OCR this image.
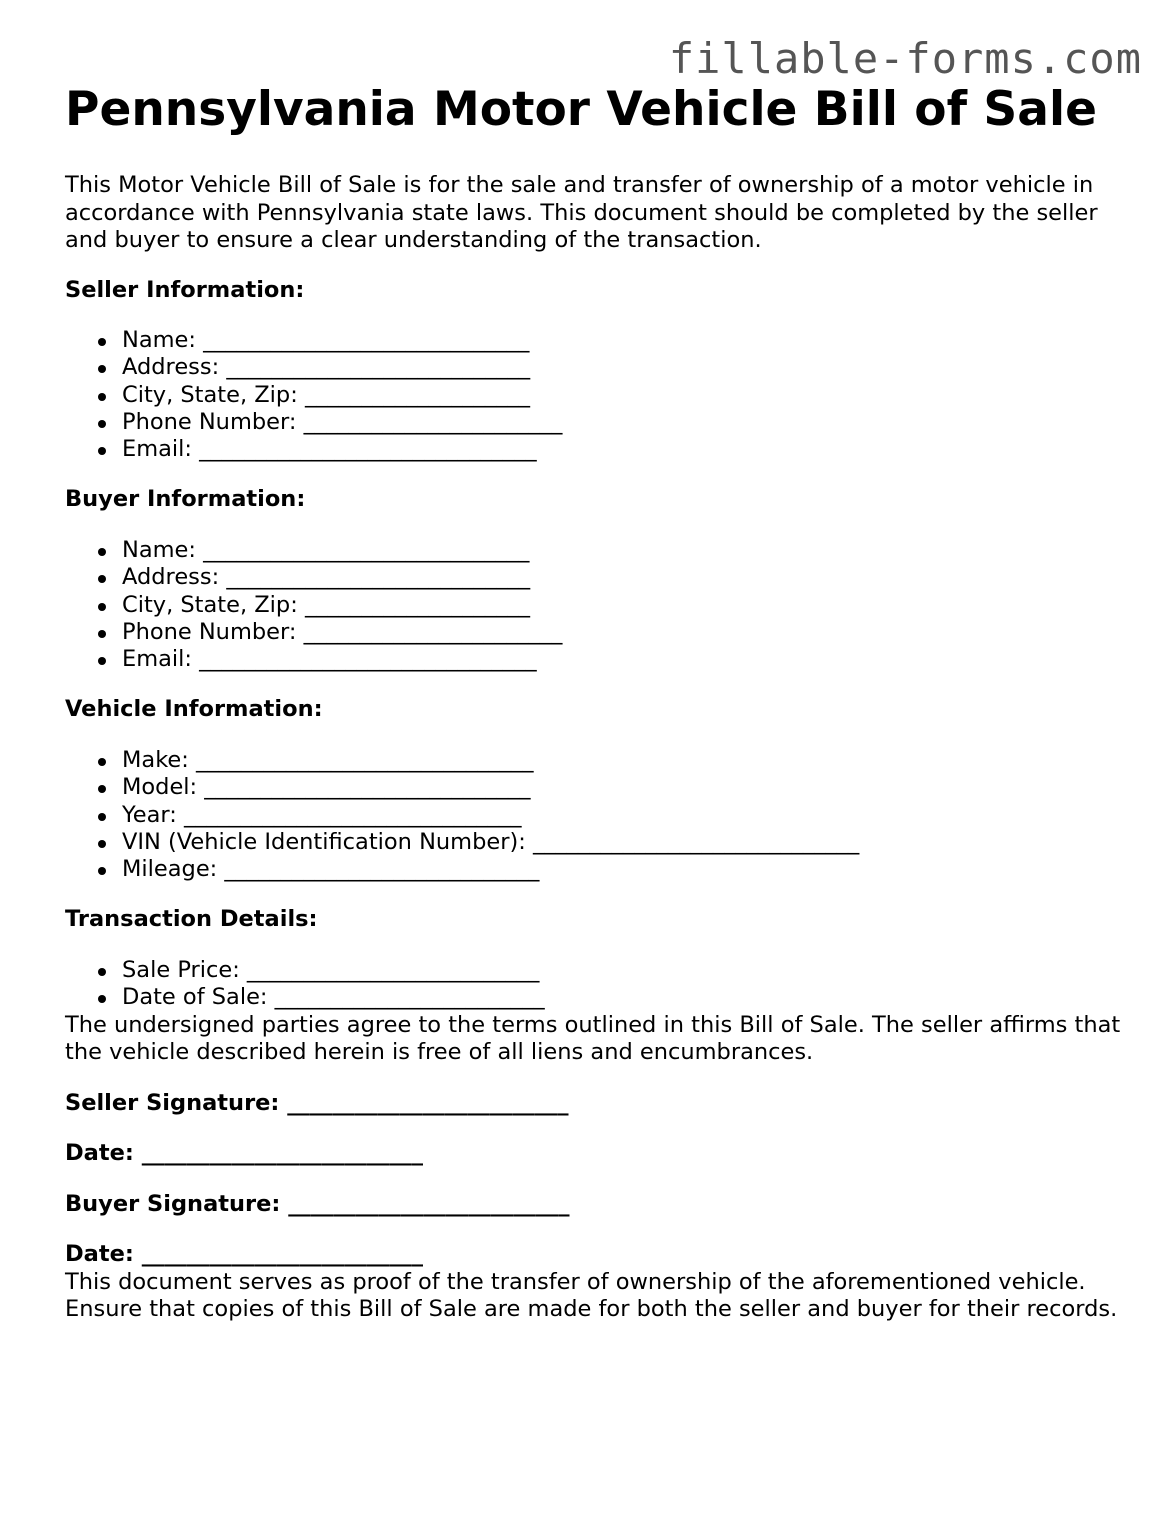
fillable-forms.com
Pennsylvania Motor Vehicle Bill of Sale

This Motor Vehicle Bill of Sale is for the sale and transfer of ownership of a motor vehicle in accordance with Pennsylvania state laws. This document should be completed by the seller and buyer to ensure a clear understanding of the transaction.

Seller Information:
Name: _____________________________
Address: ___________________________
City, State, Zip: ____________________
Phone Number: _______________________
Email: ______________________________
Buyer Information:
Name: _____________________________
Address: ___________________________
City, State, Zip: ____________________
Phone Number: _______________________
Email: ______________________________
Vehicle Information:
Make: ______________________________
Model: _____________________________
Year: ______________________________
VIN (Vehicle Identification Number): _____________________________
Mileage: ____________________________
Transaction Details:
Sale Price: __________________________
Date of Sale: ________________________

The undersigned parties agree to the terms outlined in this Bill of Sale. The seller affirms that the vehicle described herein is free of all liens and encumbrances.

Seller Signature: _________________________

Date: _________________________

Buyer Signature: _________________________

Date: _________________________

This document serves as proof of the transfer of ownership of the aforementioned vehicle. Ensure that copies of this Bill of Sale are made for both the seller and buyer for their records.
